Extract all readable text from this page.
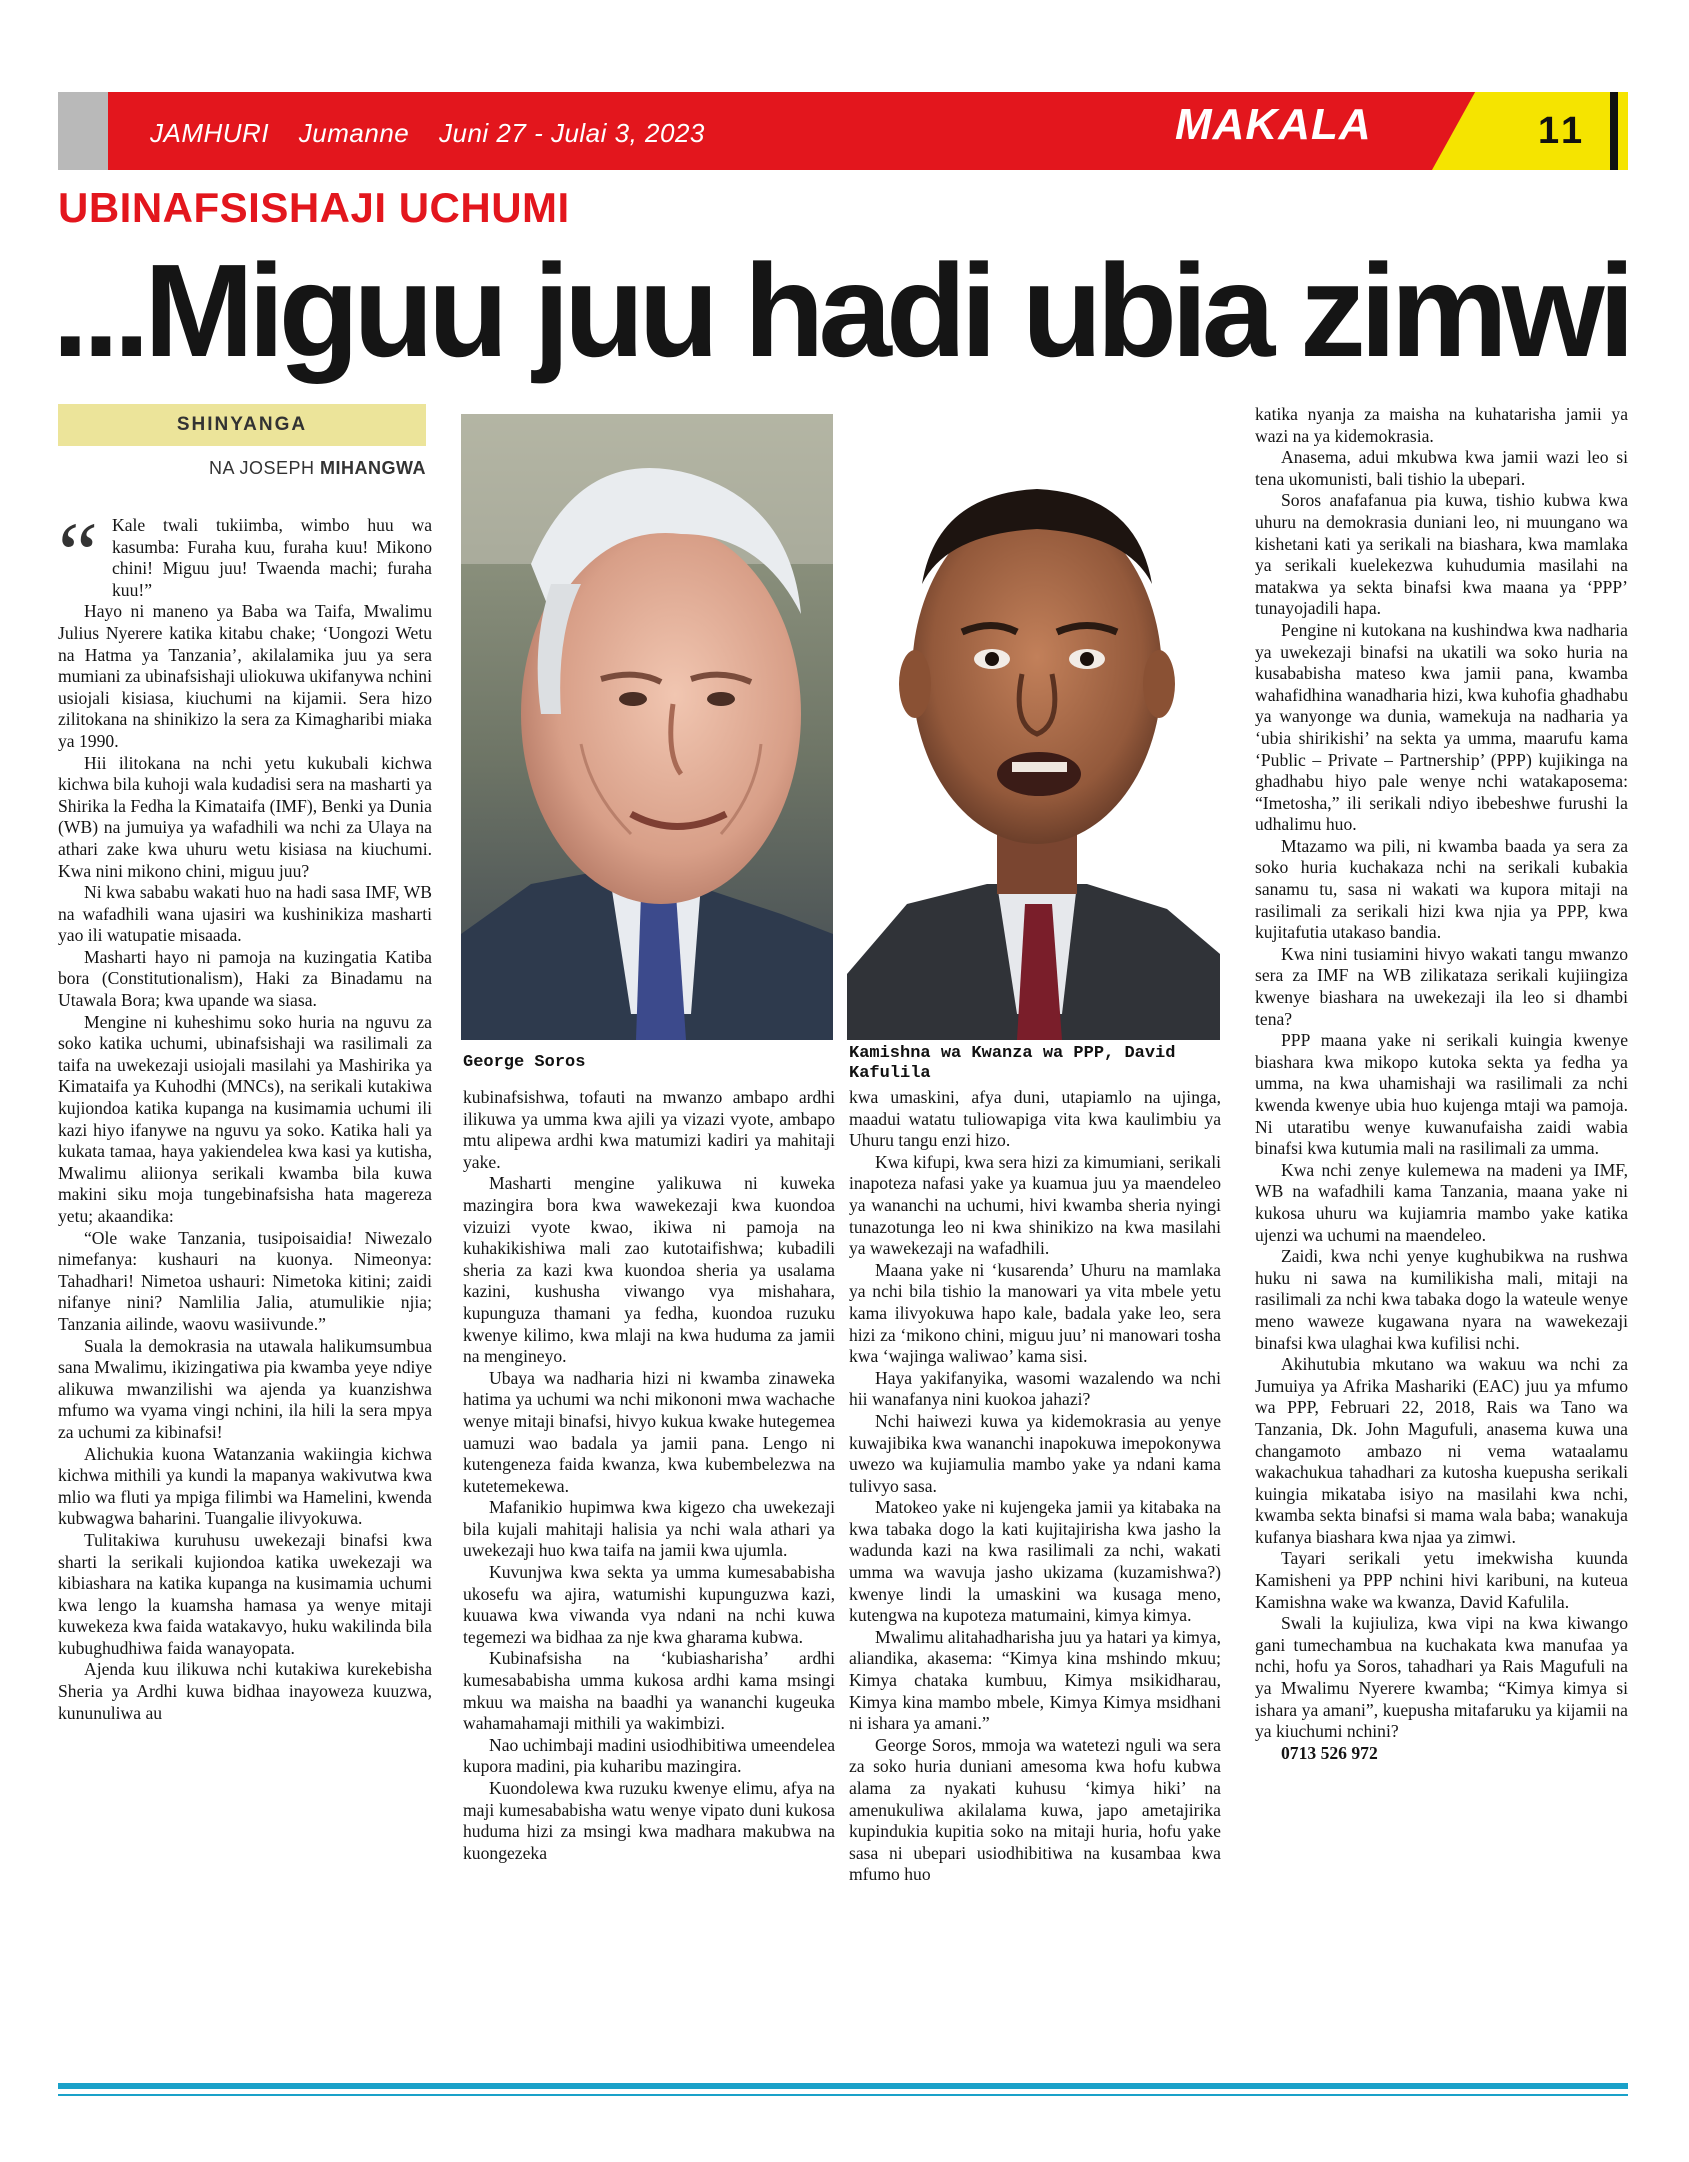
JAMHURI Jumanne Juni 27 - Julai 3, 2023	MAKALA	11
UBINAFSISHAJI UCHUMI
...Miguu juu hadi ubia zimwi
SHINYANGA
NA JOSEPH MIHANGWA
“ Kale twali tukiimba, wimbo huu wa kasumba: Furaha kuu, furaha kuu! Mikono chini! Miguu juu! Twaenda machi; furaha kuu!”

Hayo ni maneno ya Baba wa Taifa, Mwalimu Julius Nyerere katika kitabu chake; ‘Uongozi Wetu na Hatma ya Tanzania’, akilalamika juu ya sera mumiani za ubinafsishaji uliokuwa ukifanywa nchini usiojali kisiasa, kiuchumi na kijamii. Sera hizo zilitokana na shinikizo la sera za Kimagharibi miaka ya 1990.

Hii ilitokana na nchi yetu kukubali kichwa kichwa bila kuhoji wala kudadisi sera na masharti ya Shirika la Fedha la Kimataifa (IMF), Benki ya Dunia (WB) na jumuiya ya wafadhili wa nchi za Ulaya na athari zake kwa uhuru wetu kisiasa na kiuchumi. Kwa nini mikono chini, miguu juu?

Ni kwa sababu wakati huo na hadi sasa IMF, WB na wafadhili wana ujasiri wa kushinikiza masharti yao ili watupatie misaada.

Masharti hayo ni pamoja na kuzingatia Katiba bora (Constitutionalism), Haki za Binadamu na Utawala Bora; kwa upande wa siasa.

Mengine ni kuheshimu soko huria na nguvu za soko katika uchumi, ubinafsishaji wa rasilimali za taifa na uwekezaji usiojali masilahi ya Mashirika ya Kimataifa ya Kuhodhi (MNCs), na serikali kutakiwa kujiondoa katika kupanga na kusimamia uchumi ili kazi hiyo ifanywe na nguvu ya soko. Katika hali ya kukata tamaa, haya yakiendelea kwa kasi ya kutisha, Mwalimu aliionya serikali kwamba bila kuwa makini siku moja tungebinafsisha hata magereza yetu; akaandika:

“Ole wake Tanzania, tusipoisaidia! Niwezalo nimefanya: kushauri na kuonya. Nimeonya: Tahadhari! Nimetoa ushauri: Nimetoka kitini; zaidi nifanye nini? Namlilia Jalia, atumulikie njia; Tanzania ailinde, waovu wasiivunde.”

Suala la demokrasia na utawala halikumsumbua sana Mwalimu, ikizingatiwa pia kwamba yeye ndiye alikuwa mwanzilishi wa ajenda ya kuanzishwa mfumo wa vyama vingi nchini, ila hili la sera mpya za uchumi za kibinafsi!

Alichukia kuona Watanzania wakiingia kichwa kichwa mithili ya kundi la mapanya wakivutwa kwa mlio wa fluti ya mpiga filimbi wa Hamelini, kwenda kubwagwa baharini. Tuangalie ilivyokuwa.

Tulitakiwa kuruhusu uwekezaji binafsi kwa sharti la serikali kujiondoa katika uwekezaji wa kibiashara na katika kupanga na kusimamia uchumi kwa lengo la kuamsha hamasa ya wenye mitaji kuwekeza kwa faida watakavyo, huku wakilinda bila kubughudhiwa faida wanayopata.

Ajenda kuu ilikuwa nchi kutakiwa kurekebisha Sheria ya Ardhi kuwa bidhaa inayoweza kuuzwa, kununuliwa au

George Soros	Kamishna wa Kwanza wa PPP, David Kafulila

kubinafsishwa, tofauti na mwanzo ambapo ardhi ilikuwa ya umma kwa ajili ya vizazi vyote, ambapo mtu alipewa ardhi kwa matumizi kadiri ya mahitaji yake.

Masharti mengine yalikuwa ni kuweka mazingira bora kwa wawekezaji kwa kuondoa vizuizi vyote kwao, ikiwa ni pamoja na kuhakikishiwa mali zao kutotaifishwa; kubadili sheria za kazi kwa kuondoa sheria ya usalama kazini, kushusha viwango vya mishahara, kupunguza thamani ya fedha, kuondoa ruzuku kwenye kilimo, kwa mlaji na kwa huduma za jamii na mengineyo.

Ubaya wa nadharia hizi ni kwamba zinaweka hatima ya uchumi wa nchi mikononi mwa wachache wenye mitaji binafsi, hivyo kukua kwake hutegemea uamuzi wao badala ya jamii pana. Lengo ni kutengeneza faida kwanza, kwa kubembelezwa na kutetemekewa.

Mafanikio hupimwa kwa kigezo cha uwekezaji bila kujali mahitaji halisia ya nchi wala athari ya uwekezaji huo kwa taifa na jamii kwa ujumla.

Kuvunjwa kwa sekta ya umma kumesababisha ukosefu wa ajira, watumishi kupunguzwa kazi, kuuawa kwa viwanda vya ndani na nchi kuwa tegemezi wa bidhaa za nje kwa gharama kubwa.

Kubinafsisha na ‘kubiasharisha’ ardhi kumesababisha umma kukosa ardhi kama msingi mkuu wa maisha na baadhi ya wananchi kugeuka wahamahamaji mithili ya wakimbizi.

Nao uchimbaji madini usiodhibitiwa umeendelea kupora madini, pia kuharibu mazingira.

Kuondolewa kwa ruzuku kwenye elimu, afya na maji kumesababisha watu wenye vipato duni kukosa huduma hizi za msingi kwa madhara makubwa na kuongezeka

kwa umaskini, afya duni, utapiamlo na ujinga, maadui watatu tuliowapiga vita kwa kaulimbiu ya Uhuru tangu enzi hizo.

Kwa kifupi, kwa sera hizi za kimumiani, serikali inapoteza nafasi yake ya kuamua juu ya maendeleo ya wananchi na uchumi, hivi kwamba sheria nyingi tunazotunga leo ni kwa shinikizo na kwa masilahi ya wawekezaji na wafadhili.

Maana yake ni ‘kusarenda’ Uhuru na mamlaka ya nchi bila tishio la manowari ya vita mbele yetu kama ilivyokuwa hapo kale, badala yake leo, sera hizi za ‘mikono chini, miguu juu’ ni manowari tosha kwa ‘wajinga waliwao’ kama sisi.

Haya yakifanyika, wasomi wazalendo wa nchi hii wanafanya nini kuokoa jahazi?

Nchi haiwezi kuwa ya kidemokrasia au yenye kuwajibika kwa wananchi inapokuwa imepokonywa uwezo wa kujiamulia mambo yake ya ndani kama tulivyo sasa.

Matokeo yake ni kujengeka jamii ya kitabaka na kwa tabaka dogo la kati kujitajirisha kwa jasho la wadunda kazi na kwa rasilimali za nchi, wakati umma wa wavuja jasho ukizama (kuzamishwa?) kwenye lindi la umaskini wa kusaga meno, kutengwa na kupoteza matumaini, kimya kimya.

Mwalimu alitahadharisha juu ya hatari ya kimya, aliandika, akasema: “Kimya kina mshindo mkuu; Kimya chataka kumbuu, Kimya msikidharau, Kimya kina mambo mbele, Kimya Kimya msidhani ni ishara ya amani.”

George Soros, mmoja wa watetezi nguli wa sera za soko huria duniani amesoma kwa hofu kubwa alama za nyakati kuhusu ‘kimya hiki’ na amenukuliwa akilalama kuwa, japo ametajirika kupindukia kupitia soko na mitaji huria, hofu yake sasa ni ubepari usiodhibitiwa na kusambaa kwa mfumo huo

katika nyanja za maisha na kuhatarisha jamii ya wazi na ya kidemokrasia.

Anasema, adui mkubwa kwa jamii wazi leo si tena ukomunisti, bali tishio la ubepari.

Soros anafafanua pia kuwa, tishio kubwa kwa uhuru na demokrasia duniani leo, ni muungano wa kishetani kati ya serikali na biashara, kwa mamlaka ya serikali kuelekezwa kuhudumia masilahi na matakwa ya sekta binafsi kwa maana ya ‘PPP’ tunayojadili hapa.

Pengine ni kutokana na kushindwa kwa nadharia ya uwekezaji binafsi na ukatili wa soko huria na kusababisha mateso kwa jamii pana, kwamba wahafidhina wanadharia hizi, kwa kuhofia ghadhabu ya wanyonge wa dunia, wamekuja na nadharia ya ‘ubia shirikishi’ na sekta ya umma, maarufu kama ‘Public – Private – Partnership’ (PPP) kujikinga na ghadhabu hiyo pale wenye nchi watakaposema: “Imetosha,” ili serikali ndiyo ibebeshwe furushi la udhalimu huo.

Mtazamo wa pili, ni kwamba baada ya sera za soko huria kuchakaza nchi na serikali kubakia sanamu tu, sasa ni wakati wa kupora mitaji na rasilimali za serikali hizi kwa njia ya PPP, kwa kujitafutia utakaso bandia.

Kwa nini tusiamini hivyo wakati tangu mwanzo sera za IMF na WB zilikataza serikali kujiingiza kwenye biashara na uwekezaji ila leo si dhambi tena?

PPP maana yake ni serikali kuingia kwenye biashara kwa mikopo kutoka sekta ya fedha ya umma, na kwa uhamishaji wa rasilimali za nchi kwenda kwenye ubia huo kujenga mtaji wa pamoja. Ni utaratibu wenye kuwanufaisha zaidi wabia binafsi kwa kutumia mali na rasilimali za umma.

Kwa nchi zenye kulemewa na madeni ya IMF, WB na wafadhili kama Tanzania, maana yake ni kukosa uhuru wa kujiamria mambo yake katika ujenzi wa uchumi na maendeleo.

Zaidi, kwa nchi yenye kughubikwa na rushwa huku ni sawa na kumilikisha mali, mitaji na rasilimali za nchi kwa tabaka dogo la wateule wenye meno waweze kugawana nyara na wawekezaji binafsi kwa ulaghai kwa kufilisi nchi.

Akihutubia mkutano wa wakuu wa nchi za Jumuiya ya Afrika Mashariki (EAC) juu ya mfumo wa PPP, Februari 22, 2018, Rais wa Tano wa Tanzania, Dk. John Magufuli, anasema kuwa una changamoto ambazo ni vema wataalamu wakachukua tahadhari za kutosha kuepusha serikali kuingia mikataba isiyo na masilahi kwa nchi, kwamba sekta binafsi si mama wala baba; wanakuja kufanya biashara kwa njaa ya zimwi.

Tayari serikali yetu imekwisha kuunda Kamisheni ya PPP nchini hivi karibuni, na kuteua Kamishna wake wa kwanza, David Kafulila.

Swali la kujiuliza, kwa vipi na kwa kiwango gani tumechambua na kuchakata kwa manufaa ya nchi, hofu ya Soros, tahadhari ya Rais Magufuli na ya Mwalimu Nyerere kwamba; “Kimya kimya si ishara ya amani”, kuepusha mitafaruku ya kijamii na ya kiuchumi nchini?

0713 526 972
